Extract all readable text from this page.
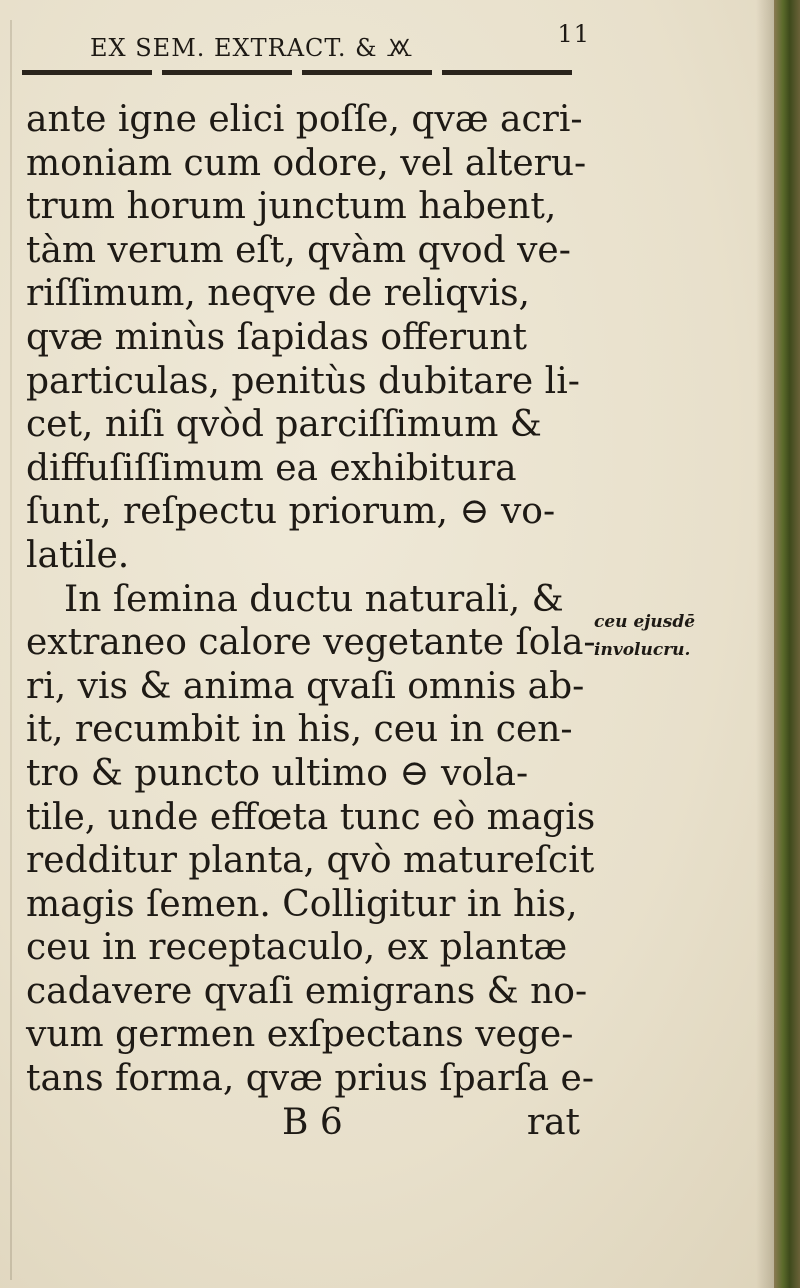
EX SEM. EXTRACT. & 🝪	11
ante igne elici poſſe, qvæ acri-
moniam cum odore, vel alteru-
trum horum junctum habent,
tàm verum eſt, qvàm qvod ve-
riſſimum, neqve de reliqvis,
qvæ minùs ſapidas offerunt
particulas, penitùs dubitare li-
cet, niſi qvòd parciſſimum &
diffuſiſſimum ea exhibitura
ſunt, reſpectu priorum, ⊖ vo-
latile.
In ſemina ductu naturali, &
extraneo calore vegetante ſola-
ri, vis & anima qvaſi omnis ab-
it, recumbit in his, ceu in cen-
tro & puncto ultimo ⊖ vola-
tile, unde effœta tunc eò magis
redditur planta, qvò matureſcit
magis ſemen. Colligitur in his,
ceu in receptaculo, ex plantæ
cadavere qvaſi emigrans & no-
vum germen exſpectans vege-
tans forma, qvæ prius ſparſa e-
B 6	rat
ceu ejusdē
involucru.
